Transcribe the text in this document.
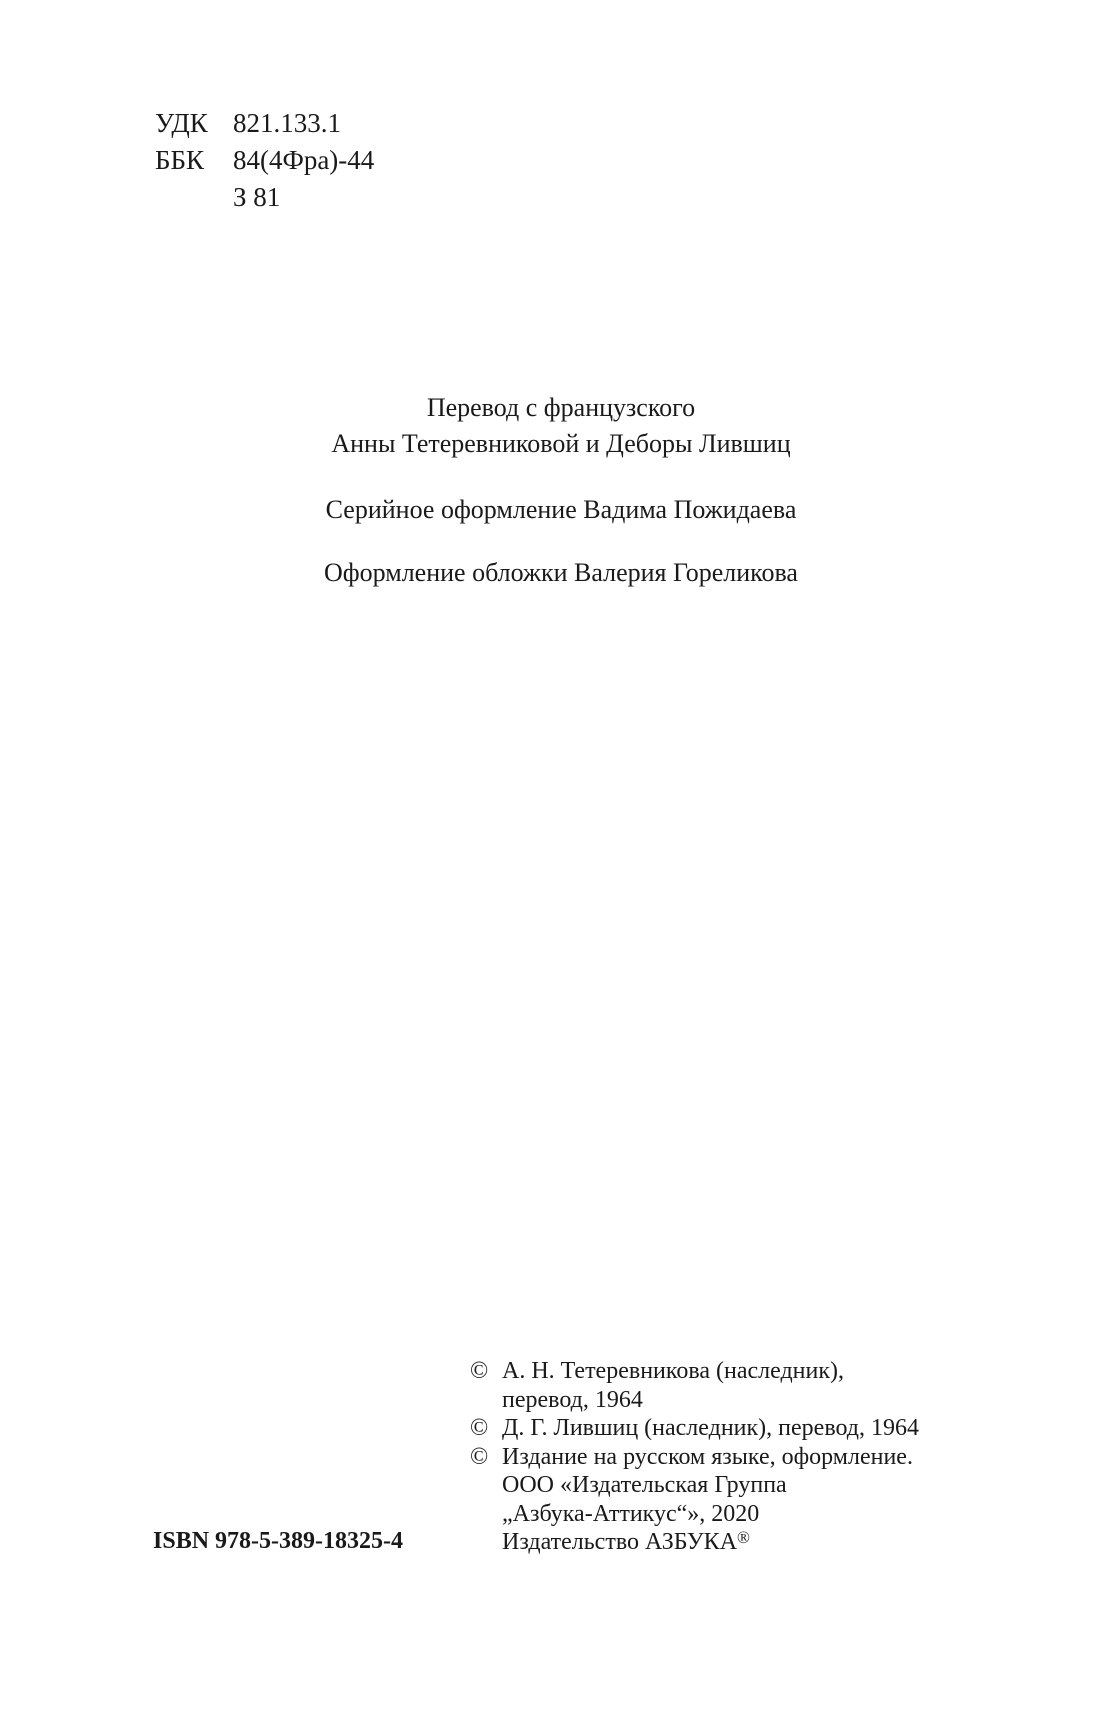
УДК 821.133.1
ББК	84(4Фра)-44
З 81
Перевод с французского
Анны Тетеревниковой и Деборы Лившиц
Серийное оформление Вадима Пожидаева
Оформление обложки Валерия Гореликова
© А. Н. Тетеревникова (наследник),
перевод, 1964
© Д. Г. Лившиц (наследник), перевод, 1964
© Издание на русском языке, оформление.
ООО «Издательская Группа
„Азбука-Аттикус“», 2020
Издательство АЗБУКА®
ISBN 978-5-389-18325-4
